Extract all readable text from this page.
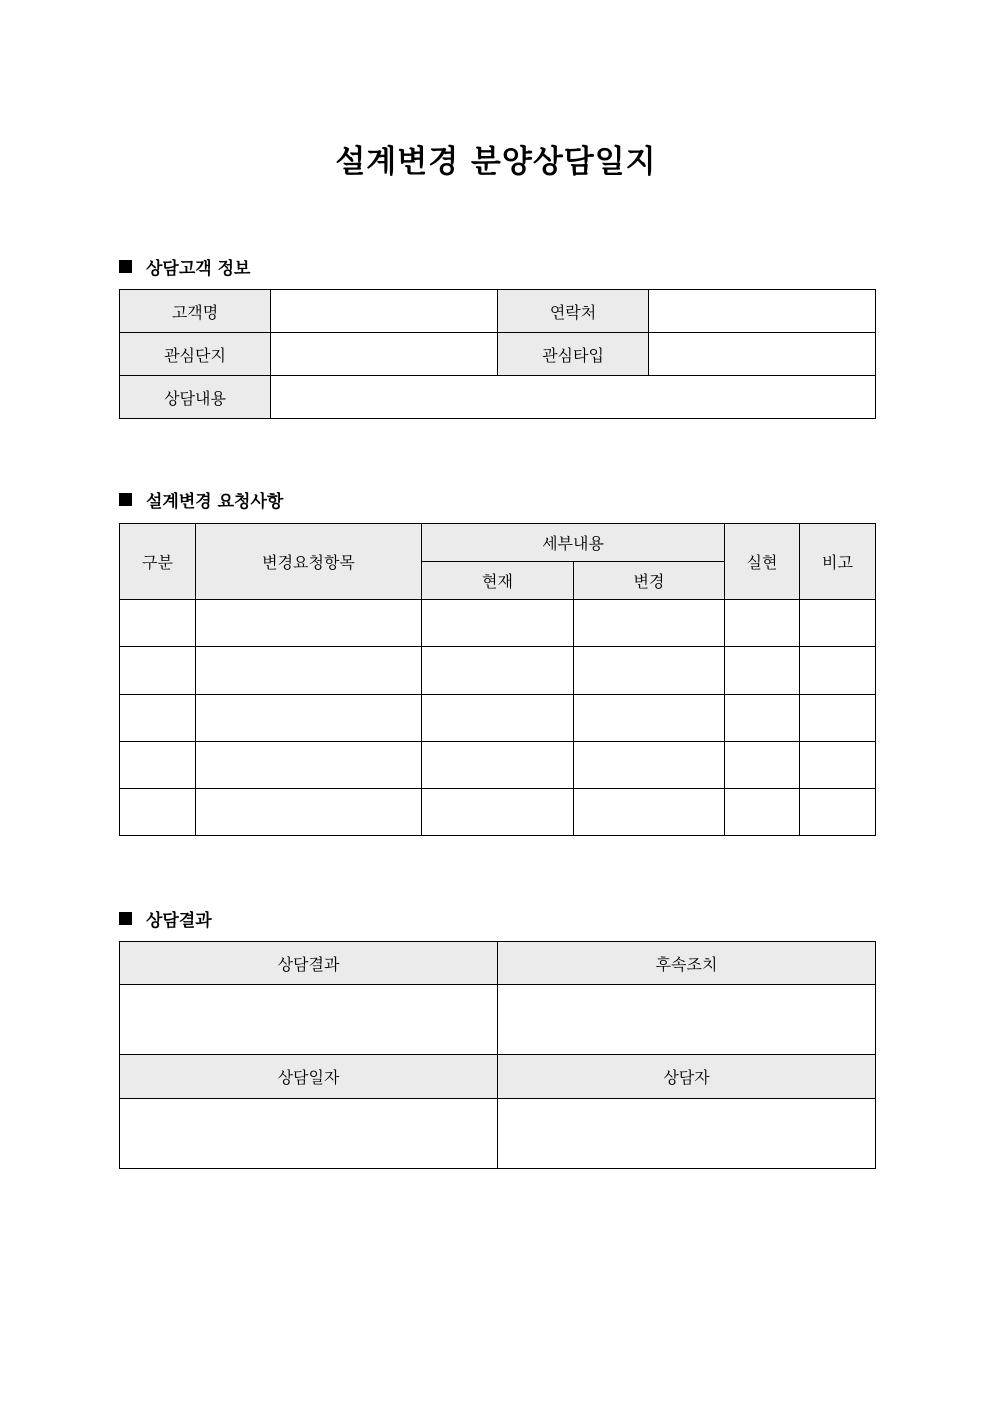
설계변경 분양상담일지
상담고객 정보
고객명		연락처	
관심단지		관심타입	
상담내용			
설계변경 요청사항
구분	변경요청항목	세부내용		실현	비고
		현재	변경		

상담결과
상담결과	후속조치

상담일자	상담자
